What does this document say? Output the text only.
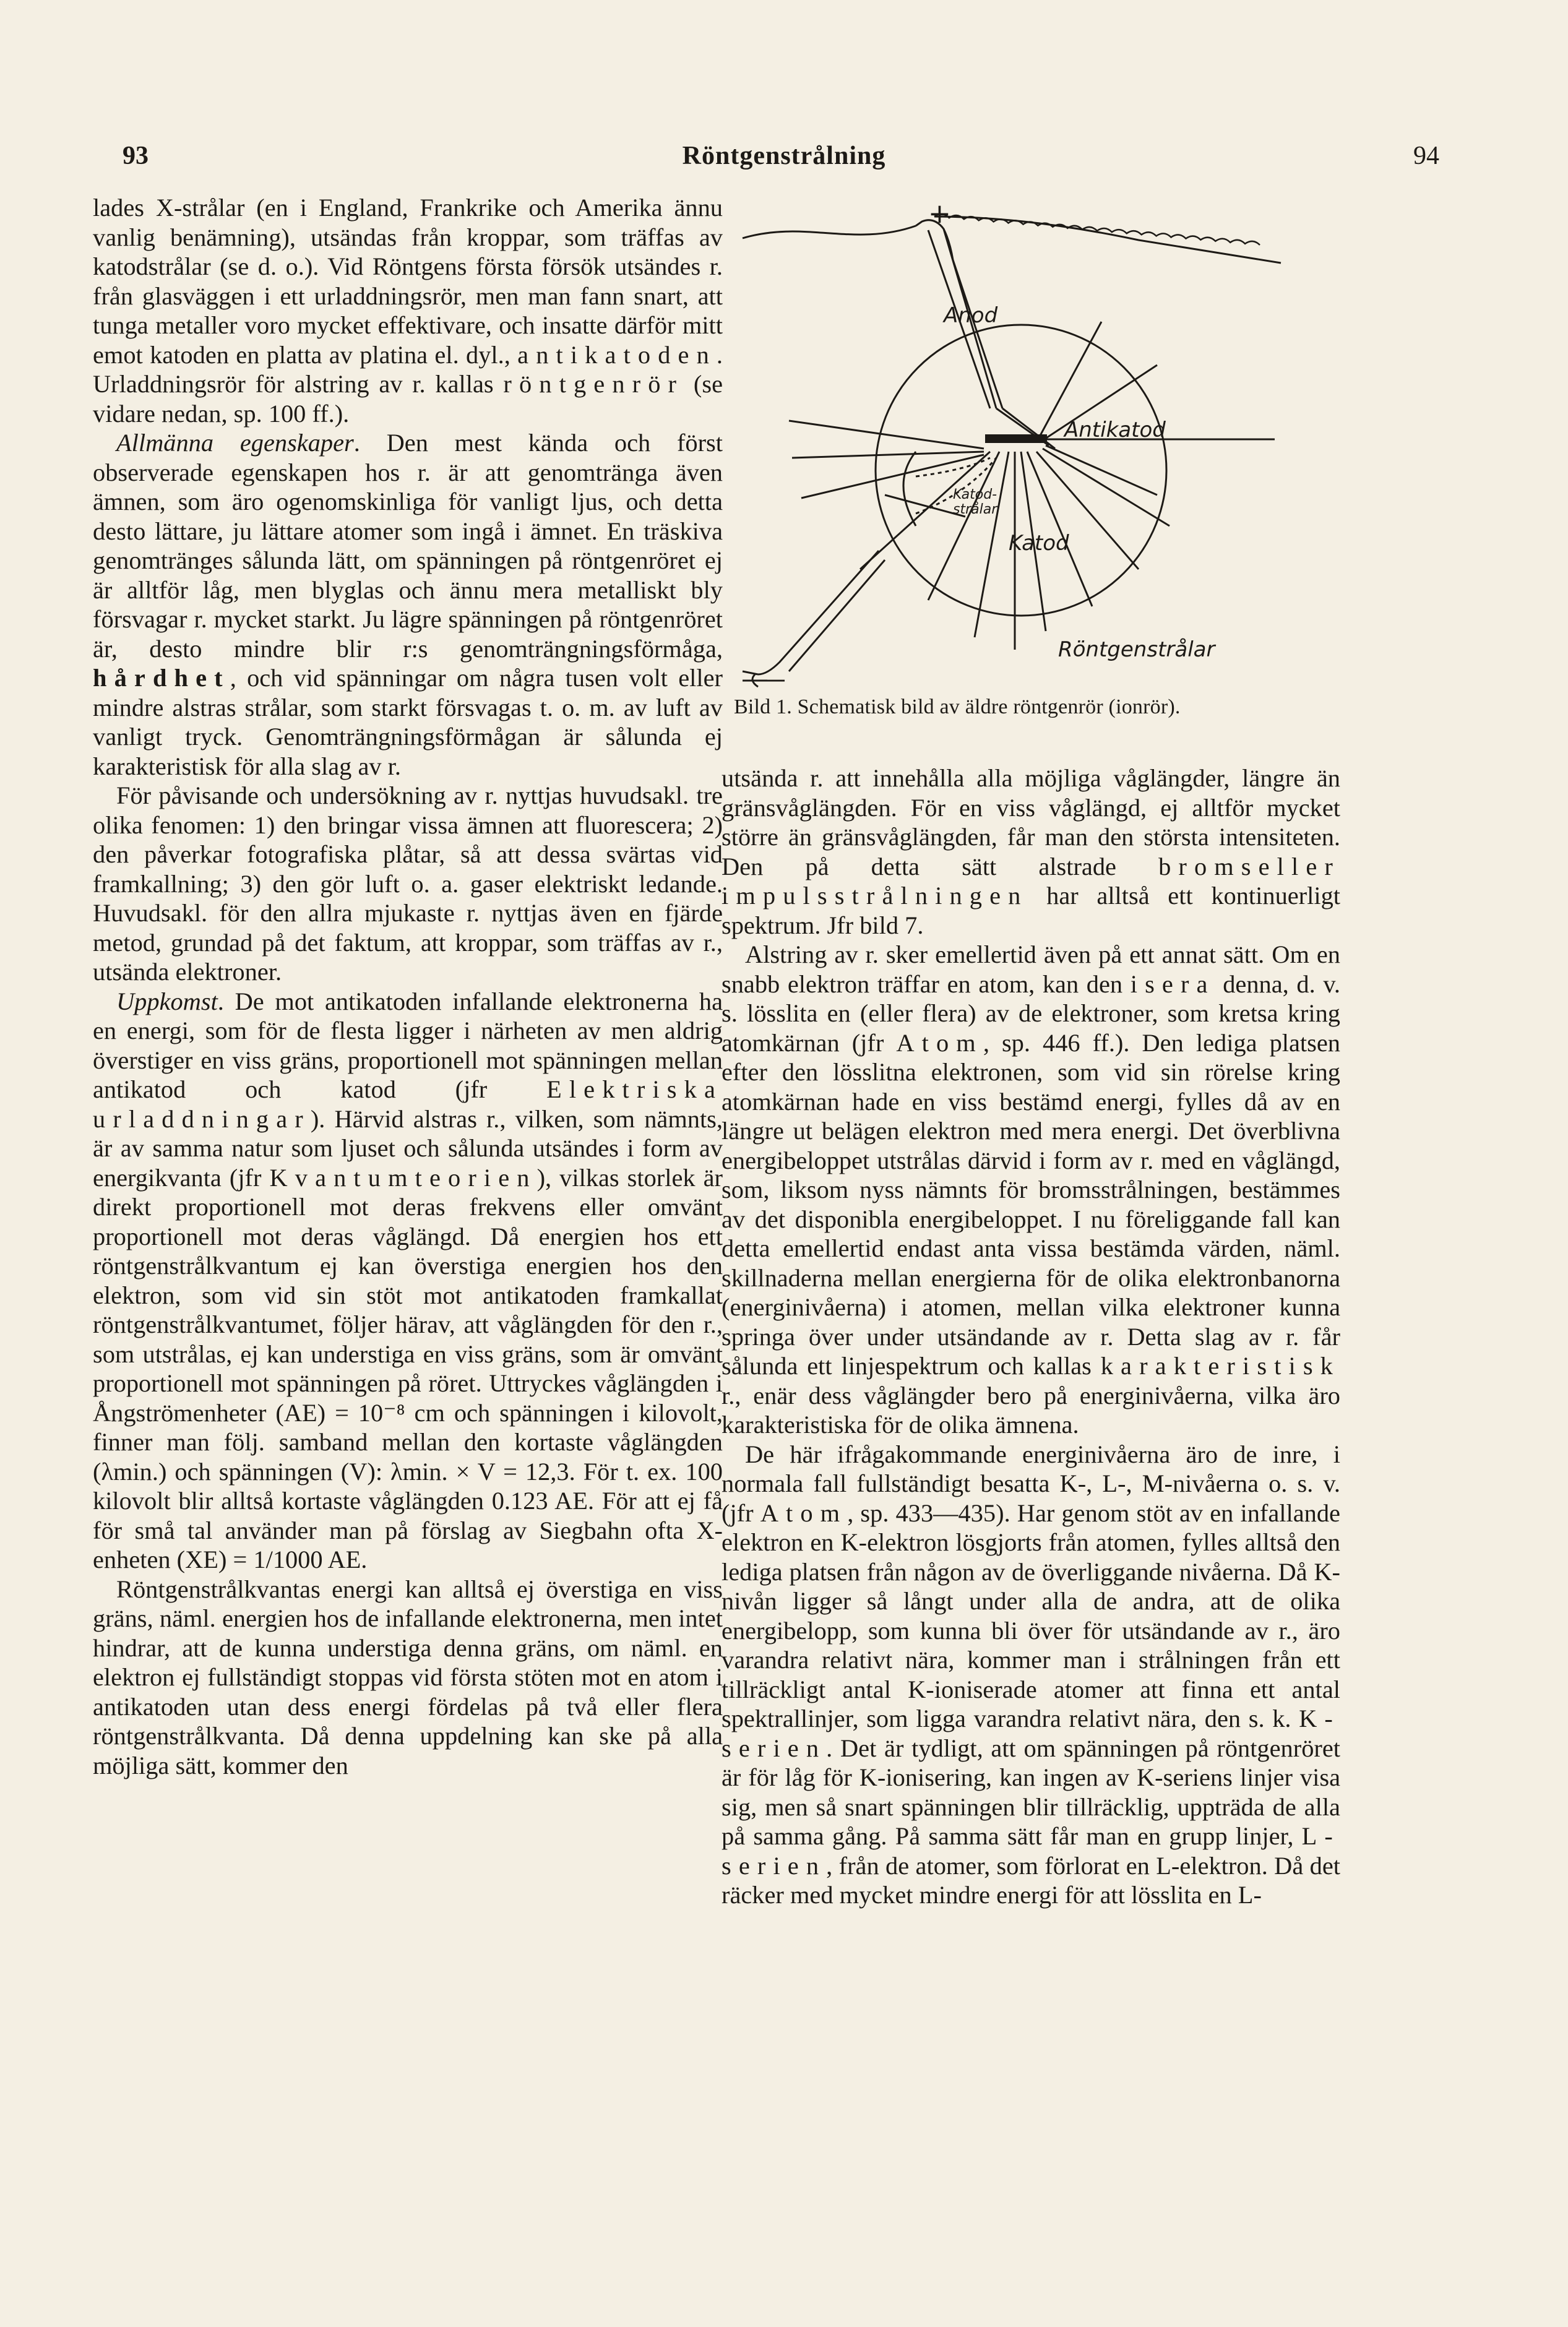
93	Röntgenstrålning	94

lades X-strålar (en i England, Frankrike och Amerika ännu vanlig benämning), utsändas från kroppar, som träffas av katodstrålar (se d. o.). Vid Röntgens första försök utsändes r. från glasväggen i ett urladdningsrör, men man fann snart, att tunga metaller voro mycket effektivare, och insatte därför mitt emot katoden en platta av platina el. dyl., antikatoden. Urladdningsrör för alstring av r. kallas röntgenrör (se vidare nedan, sp. 100 ff.).

Allmänna egenskaper. Den mest kända och först observerade egenskapen hos r. är att genomtränga även ämnen, som äro ogenomskinliga för vanligt ljus, och detta desto lättare, ju lättare atomer som ingå i ämnet. En träskiva genomtränges sålunda lätt, om spänningen på röntgenröret ej är alltför låg, men blyglas och ännu mera metalliskt bly försvagar r. mycket starkt. Ju lägre spänningen på röntgenröret är, desto mindre blir r:s genomträngningsförmåga, hårdhet, och vid spänningar om några tusen volt eller mindre alstras strålar, som starkt försvagas t. o. m. av luft av vanligt tryck. Genomträngningsförmågan är sålunda ej karakteristisk för alla slag av r.

För påvisande och undersökning av r. nyttjas huvudsakl. tre olika fenomen: 1) den bringar vissa ämnen att fluorescera; 2) den påverkar fotografiska plåtar, så att dessa svärtas vid framkallning; 3) den gör luft o. a. gaser elektriskt ledande. Huvudsakl. för den allra mjukaste r. nyttjas även en fjärde metod, grundad på det faktum, att kroppar, som träffas av r., utsända elektroner.

Uppkomst. De mot antikatoden infallande elektronerna ha en energi, som för de flesta ligger i närheten av men aldrig överstiger en viss gräns, proportionell mot spänningen mellan antikatod och katod (jfr Elektriska urladdningar). Härvid alstras r., vilken, som nämnts, är av samma natur som ljuset och sålunda utsändes i form av energikvanta (jfr Kvantumteorien), vilkas storlek är direkt proportionell mot deras frekvens eller omvänt proportionell mot deras våglängd. Då energien hos ett röntgenstrålkvantum ej kan överstiga energien hos den elektron, som vid sin stöt mot antikatoden framkallat röntgenstrålkvantumet, följer härav, att våglängden för den r., som utstrålas, ej kan understiga en viss gräns, som är omvänt proportionell mot spänningen på röret. Uttryckes våglängden i Ångströmenheter (AE) = 10⁻⁸ cm och spänningen i kilovolt, finner man följ. samband mellan den kortaste våglängden (λmin.) och spänningen (V): λmin. × V = 12,3. För t. ex. 100 kilovolt blir alltså kortaste våglängden 0.123 AE. För att ej få för små tal använder man på förslag av Siegbahn ofta X-enheten (XE) = 1/1000 AE.

Röntgenstrålkvantas energi kan alltså ej överstiga en viss gräns, näml. energien hos de infallande elektronerna, men intet hindrar, att de kunna understiga denna gräns, om näml. en elektron ej fullständigt stoppas vid första stöten mot en atom i antikatoden utan dess energi fördelas på två eller flera röntgenstrålkvanta. Då denna uppdelning kan ske på alla möjliga sätt, kommer den

+
—
Anod
Antikatod
Katod
Katod-strålar
Röntgenstrålar
Bild 1. Schematisk bild av äldre röntgenrör (ionrör).

utsända r. att innehålla alla möjliga våglängder, längre än gränsvåglängden. För en viss våglängd, ej alltför mycket större än gränsvåglängden, får man den största intensiteten. Den på detta sätt alstrade bromseller impulsstrålningen har alltså ett kontinuerligt spektrum. Jfr bild 7.

Alstring av r. sker emellertid även på ett annat sätt. Om en snabb elektron träffar en atom, kan den isera denna, d. v. s. lösslita en (eller flera) av de elektroner, som kretsa kring atomkärnan (jfr Atom, sp. 446 ff.). Den lediga platsen efter den lösslitna elektronen, som vid sin rörelse kring atomkärnan hade en viss bestämd energi, fylles då av en längre ut belägen elektron med mera energi. Det överblivna energibeloppet utstrålas därvid i form av r. med en våglängd, som, liksom nyss nämnts för bromsstrålningen, bestämmes av det disponibla energibeloppet. I nu föreliggande fall kan detta emellertid endast anta vissa bestämda värden, näml. skillnaderna mellan energierna för de olika elektronbanorna (energinivåerna) i atomen, mellan vilka elektroner kunna springa över under utsändande av r. Detta slag av r. får sålunda ett linjespektrum och kallas karakteristisk r., enär dess våglängder bero på energinivåerna, vilka äro karakteristiska för de olika ämnena.

De här ifrågakommande energinivåerna äro de inre, i normala fall fullständigt besatta K-, L-, M-nivåerna o. s. v. (jfr Atom, sp. 433—435). Har genom stöt av en infallande elektron en K-elektron lösgjorts från atomen, fylles alltså den lediga platsen från någon av de överliggande nivåerna. Då K-nivån ligger så långt under alla de andra, att de olika energibelopp, som kunna bli över för utsändande av r., äro varandra relativt nära, kommer man i strålningen från ett tillräckligt antal K-ioniserade atomer att finna ett antal spektrallinjer, som ligga varandra relativt nära, den s. k. K-serien. Det är tydligt, att om spänningen på röntgenröret är för låg för K-ionisering, kan ingen av K-seriens linjer visa sig, men så snart spänningen blir tillräcklig, uppträda de alla på samma gång. På samma sätt får man en grupp linjer, L-serien, från de atomer, som förlorat en L-elektron. Då det räcker med mycket mindre energi för att lösslita en L-
